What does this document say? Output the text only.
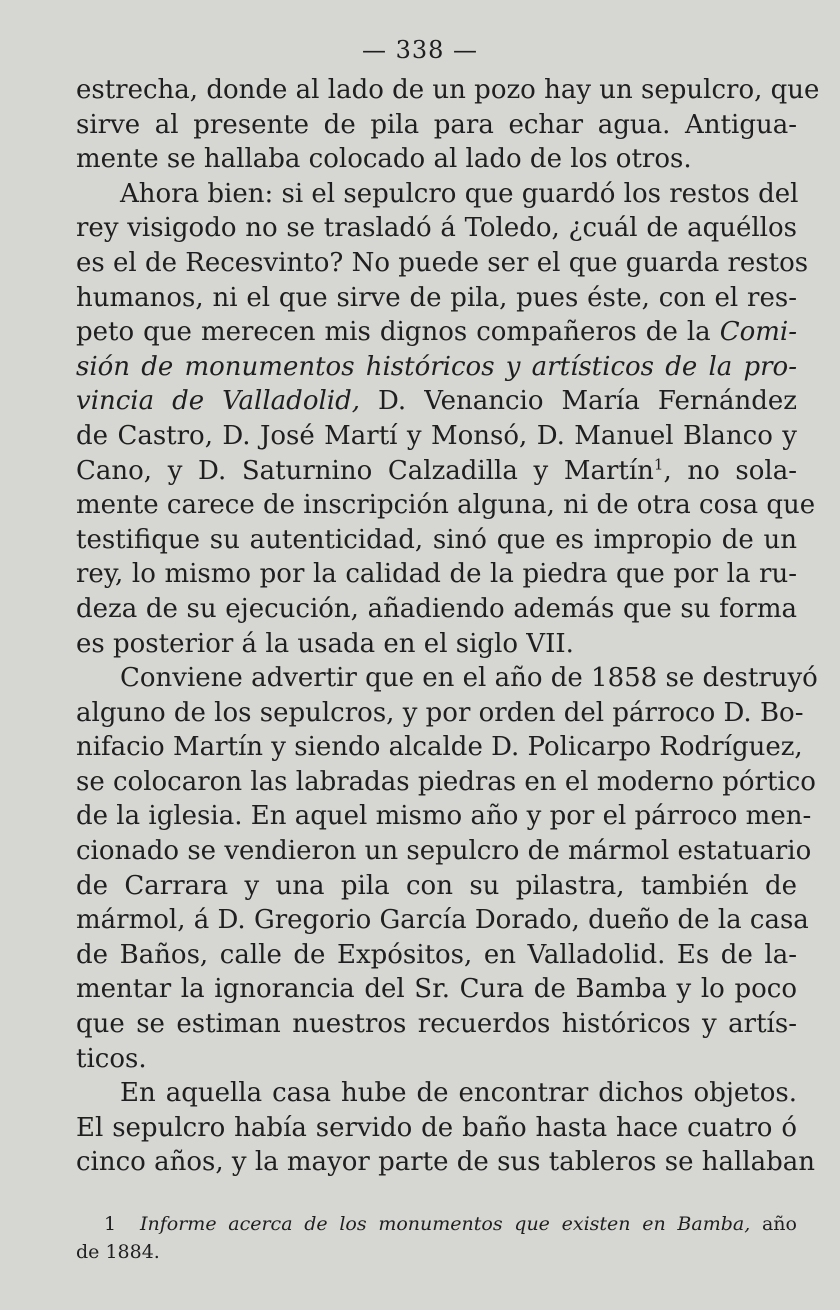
— 338 —
estrecha, donde al lado de un pozo hay un sepulcro, que
sirve al presente de pila para echar agua. Antigua-
mente se hallaba colocado al lado de los otros.
Ahora bien: si el sepulcro que guardó los restos del
rey visigodo no se trasladó á Toledo, ¿cuál de aquéllos
es el de Recesvinto? No puede ser el que guarda restos
humanos, ni el que sirve de pila, pues éste, con el res-
peto que merecen mis dignos compañeros de la Comi-
sión de monumentos históricos y artísticos de la pro-
vincia de Valladolid, D. Venancio María Fernández
de Castro, D. José Martí y Monsó, D. Manuel Blanco y
Cano, y D. Saturnino Calzadilla y Martín$^1$, no sola-
mente carece de inscripción alguna, ni de otra cosa que
testifique su autenticidad, sinó que es impropio de un
rey, lo mismo por la calidad de la piedra que por la ru-
deza de su ejecución, añadiendo además que su forma
es posterior á la usada en el siglo VII.
Conviene advertir que en el año de 1858 se destruyó
alguno de los sepulcros, y por orden del párroco D. Bo-
nifacio Martín y siendo alcalde D. Policarpo Rodríguez,
se colocaron las labradas piedras en el moderno pórtico
de la iglesia. En aquel mismo año y por el párroco men-
cionado se vendieron un sepulcro de mármol estatuario
de Carrara y una pila con su pilastra, también de
mármol, á D. Gregorio García Dorado, dueño de la casa
de Baños, calle de Expósitos, en Valladolid. Es de la-
mentar la ignorancia del Sr. Cura de Bamba y lo poco
que se estiman nuestros recuerdos históricos y artís-
ticos.
En aquella casa hube de encontrar dichos objetos.
El sepulcro había servido de baño hasta hace cuatro ó
cinco años, y la mayor parte de sus tableros se hallaban
1 Informe acerca de los monumentos que existen en Bamba, año
de 1884.
